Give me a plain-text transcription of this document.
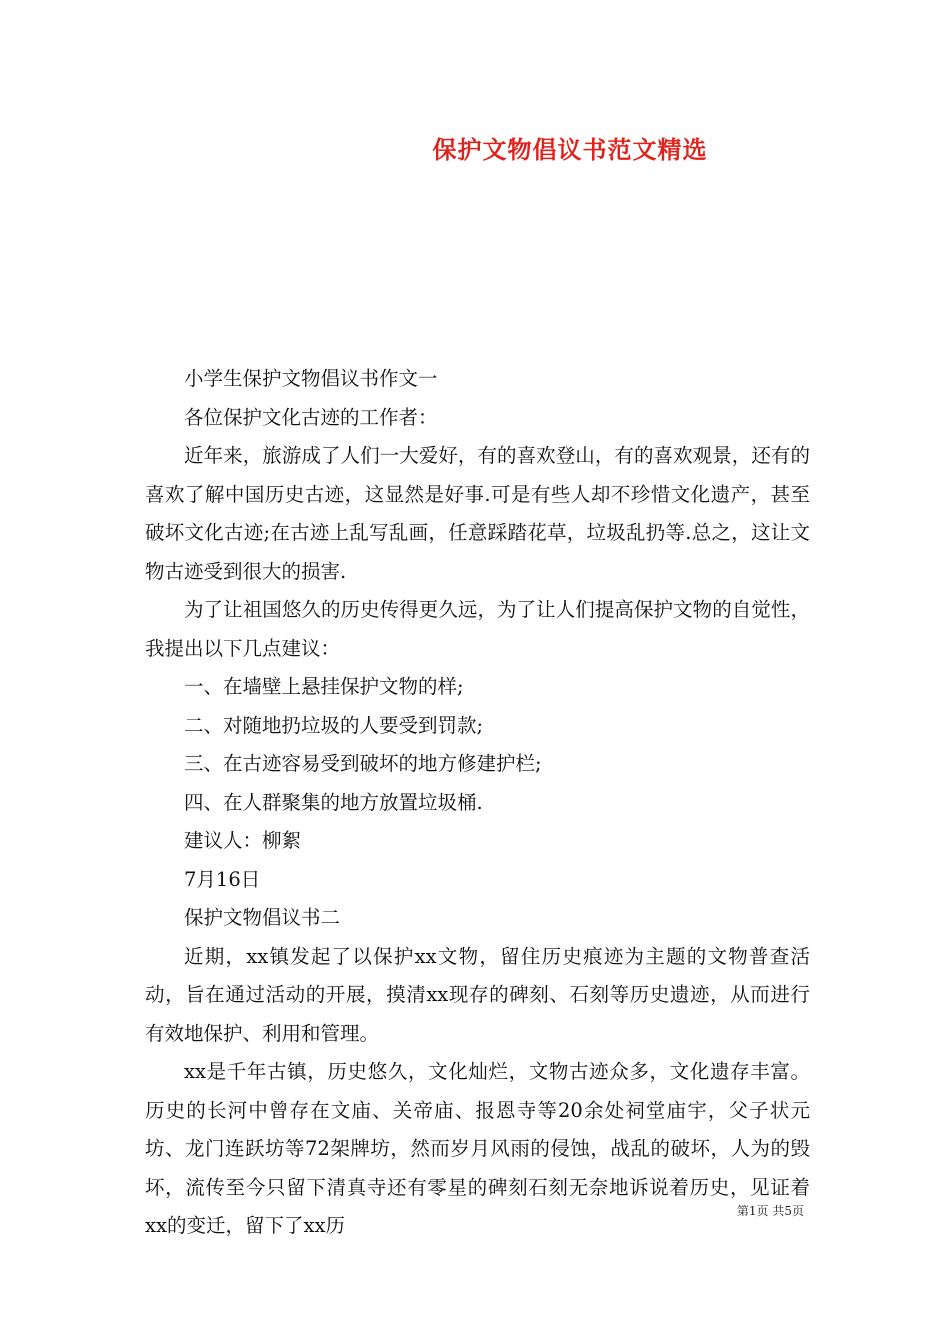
保护文物倡议书范文精选

小学生保护文物倡议书作文一

各位保护文化古迹的工作者：

近年来，旅游成了人们一大爱好，有的喜欢登山，有的喜欢观景，还有的喜欢了解中国历史古迹，这显然是好事.可是有些人却不珍惜文化遗产，甚至破坏文化古迹;在古迹上乱写乱画，任意踩踏花草，垃圾乱扔等.总之，这让文物古迹受到很大的损害.

为了让祖国悠久的历史传得更久远，为了让人们提高保护文物的自觉性，我提出以下几点建议：

一、在墙壁上悬挂保护文物的样;

二、对随地扔垃圾的人要受到罚款;

三、在古迹容易受到破坏的地方修建护栏;

四、在人群聚集的地方放置垃圾桶.

建议人：柳絮

7月16日

保护文物倡议书二

近期，xx镇发起了以保护xx文物，留住历史痕迹为主题的文物普查活动，旨在通过活动的开展，摸清xx现存的碑刻、石刻等历史遗迹，从而进行有效地保护、利用和管理。

xx是千年古镇，历史悠久，文化灿烂，文物古迹众多，文化遗存丰富。历史的长河中曾存在文庙、关帝庙、报恩寺等20余处祠堂庙宇，父子状元坊、龙门连跃坊等72架牌坊，然而岁月风雨的侵蚀，战乱的破坏，人为的毁坏，流传至今只留下清真寺还有零星的碑刻石刻无奈地诉说着历史，见证着xx的变迁，留下了xx历

第1页 共5页
